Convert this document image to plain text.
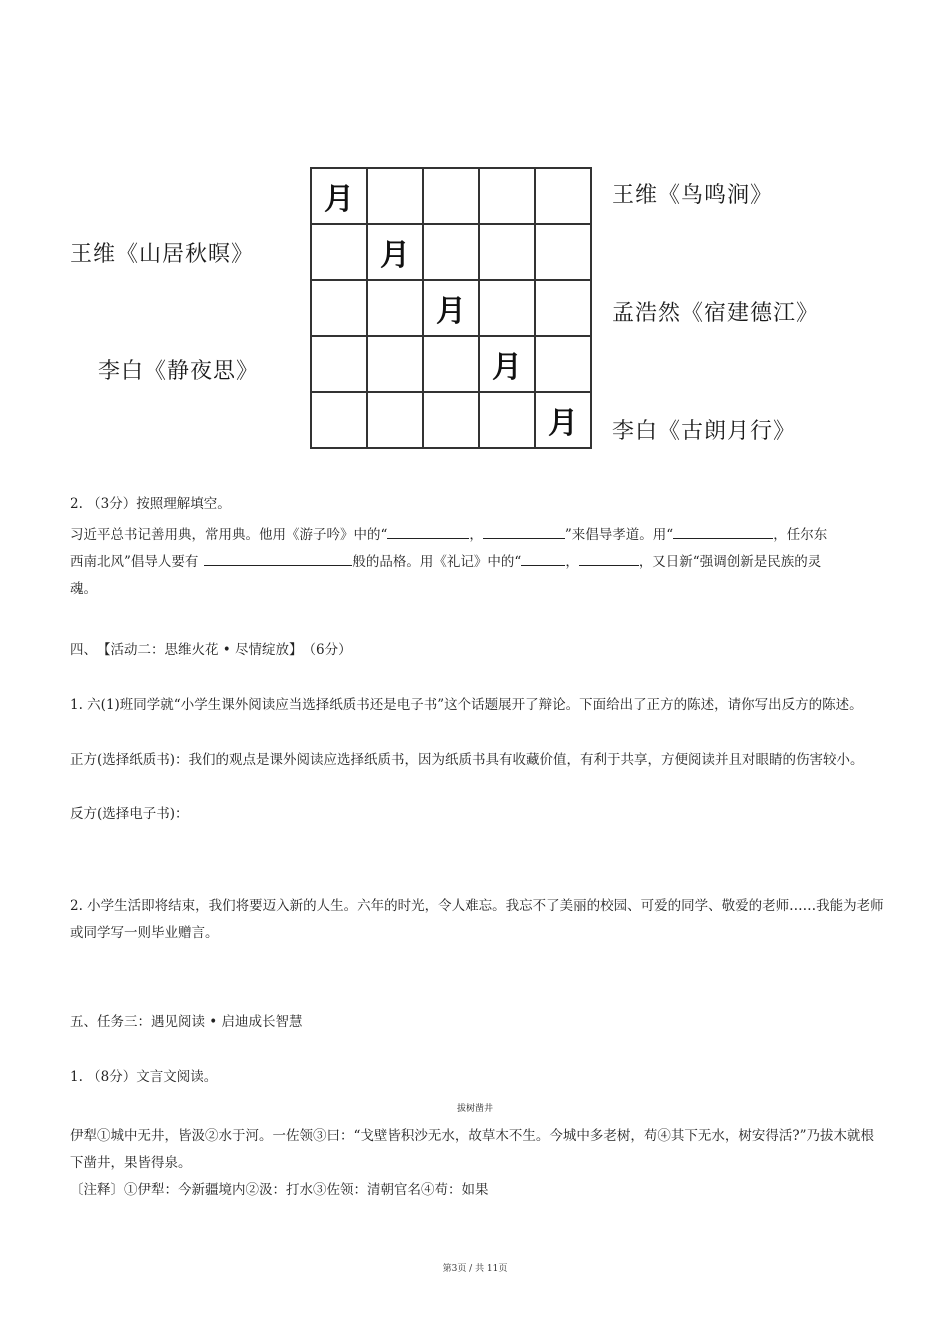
王维《鸟鸣涧》
王维《山居秋暝》
孟浩然《宿建德江》
李白《静夜思》
李白《古朗月行》
月				
	月			
		月		
			月	
				月
2. （3分）按照理解填空。
习近平总书记善用典，常用典。他用《游子吟》中的“	，	”来倡导孝道。用“	，任尔东
西南北风”倡导人要有	般的品格。用《礼记》中的“	，	，又日新“强调创新是民族的灵
魂。
四、　【活动二：思维火花 • 尽情绽放】　（6分）
1. 六(1)班同学就“小学生课外阅读应当选择纸质书还是电子书”这个话题展开了辩论。下面给出了正方的陈述，请你写出反方的陈述。
正方(选择纸质书)：我们的观点是课外阅读应选择纸质书，因为纸质书具有收藏价值，有利于共享，方便阅读并且对眼睛的伤害较小。
反方(选择电子书)：
2. 小学生活即将结束，我们将要迈入新的人生。六年的时光，令人难忘。我忘不了美丽的校园、可爱的同学、敬爱的老师……我能为老师或同学写一则毕业赠言。
五、任务三：遇见阅读 • 启迪成长智慧
1. （8分）文言文阅读。
拔树凿井
伊犁①城中无井，皆汲②水于河。一佐领③曰：“戈壁皆积沙无水，故草木不生。今城中多老树，苟④其下无水，树安得活?”乃拔木就根下凿井，果皆得泉。
〔注释〕①伊犁：今新疆境内②汲：打水③佐领：清朝官名④苟：如果
第3页 / 共 11页
